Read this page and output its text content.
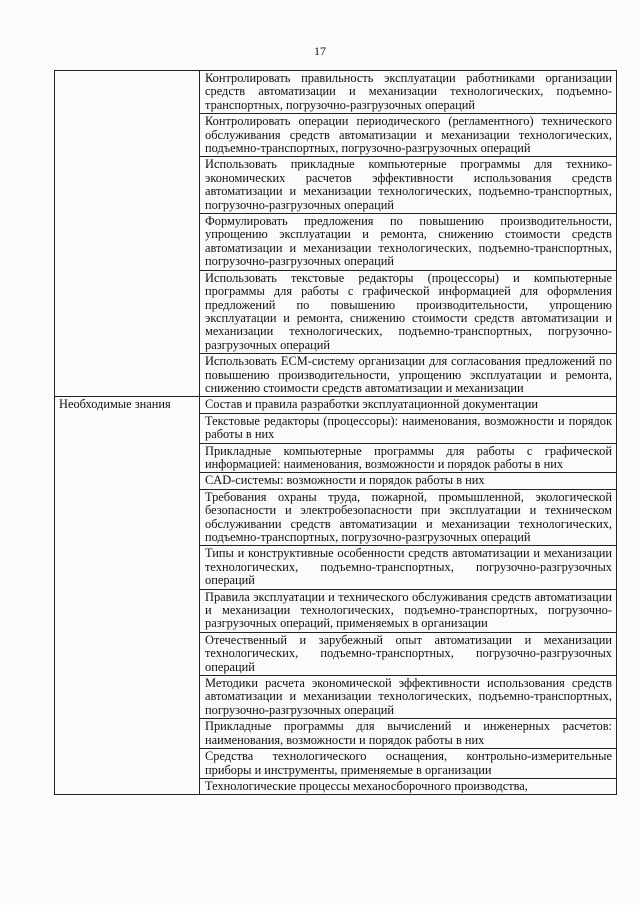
17
	Контролировать правильность эксплуатации работниками организации средств автоматизации и механизации технологических, подъемно-транспортных, погрузочно-разгрузочных операций
	Контролировать операции периодического (регламентного) технического обслуживания средств автоматизации и механизации технологических, подъемно-транспортных, погрузочно-разгрузочных операций
	Использовать прикладные компьютерные программы для технико-экономических расчетов эффективности использования средств автоматизации и механизации технологических, подъемно-транспортных, погрузочно-разгрузочных операций
	Формулировать предложения по повышению производительности, упрощению эксплуатации и ремонта, снижению стоимости средств автоматизации и механизации технологических, подъемно-транспортных, погрузочно-разгрузочных операций
	Использовать текстовые редакторы (процессоры) и компьютерные программы для работы с графической информацией для оформления предложений по повышению производительности, упрощению эксплуатации и ремонта, снижению стоимости средств автоматизации и механизации технологических, подъемно-транспортных, погрузочно-разгрузочных операций
	Использовать ECM-систему организации для согласования предложений по повышению производительности, упрощению эксплуатации и ремонта, снижению стоимости средств автоматизации и механизации
Необходимые знания	Состав и правила разработки эксплуатационной документации
	Текстовые редакторы (процессоры): наименования, возможности и порядок работы в них
	Прикладные компьютерные программы для работы с графической информацией: наименования, возможности и порядок работы в них
	CAD-системы: возможности и порядок работы в них
	Требования охраны труда, пожарной, промышленной, экологической безопасности и электробезопасности при эксплуатации и техническом обслуживании средств автоматизации и механизации технологических, подъемно-транспортных, погрузочно-разгрузочных операций
	Типы и конструктивные особенности средств автоматизации и механизации технологических, подъемно-транспортных, погрузочно-разгрузочных операций
	Правила эксплуатации и технического обслуживания средств автоматизации и механизации технологических, подъемно-транспортных, погрузочно-разгрузочных операций, применяемых в организации
	Отечественный и зарубежный опыт автоматизации и механизации технологических, подъемно-транспортных, погрузочно-разгрузочных операций
	Методики расчета экономической эффективности использования средств автоматизации и механизации технологических, подъемно-транспортных, погрузочно-разгрузочных операций
	Прикладные программы для вычислений и инженерных расчетов: наименования, возможности и порядок работы в них
	Средства технологического оснащения, контрольно-измерительные приборы и инструменты, применяемые в организации
	Технологические процессы механосборочного производства,
